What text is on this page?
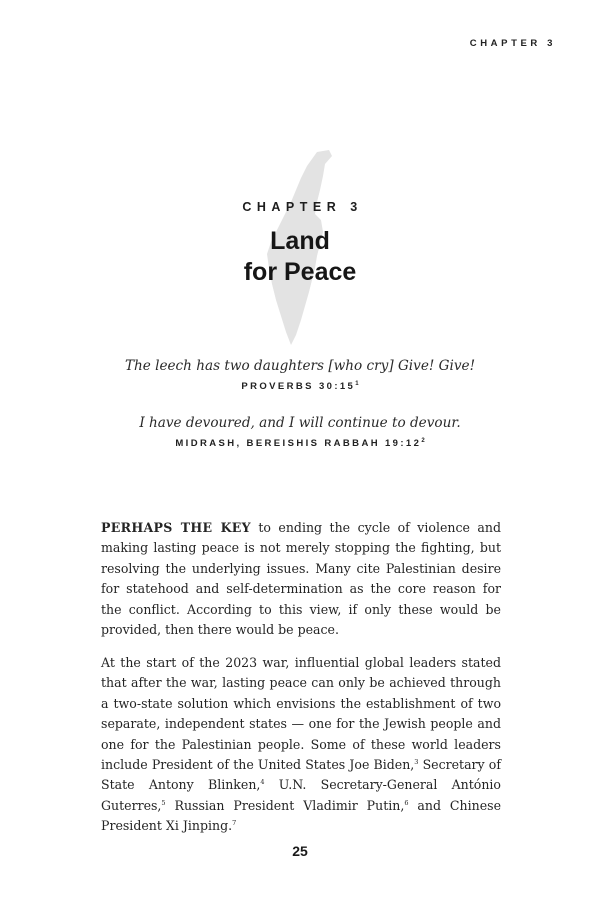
CHAPTER 3
CHAPTER 3
Land
for Peace
The leech has two daughters [who cry] Give! Give!
PROVERBS $30:15^1$
I have devoured, and I will continue to devour.
MIDRASH, BEREISHIS RABBAH $19:12^2$

PERHAPS THE KEY to ending the cycle of violence and making lasting peace is not merely stopping the fighting, but resolving the underlying issues. Many cite Palestinian desire for statehood and self-determination as the core reason for the conflict. According to this view, if only these would be provided, then there would be peace.

At the start of the 2023 war, influential global leaders stated that after the war, lasting peace can only be achieved through a two-state solution which envisions the establishment of two separate, independent states — one for the Jewish people and one for the Palestinian people. Some of these world leaders include President of the United States Joe Biden,$^3$ Secretary of State Antony Blinken,$^4$ U.N. Secretary-General António Guterres,$^5$ Russian President Vladimir Putin,$^6$ and Chinese President Xi Jinping.$^7$

25
